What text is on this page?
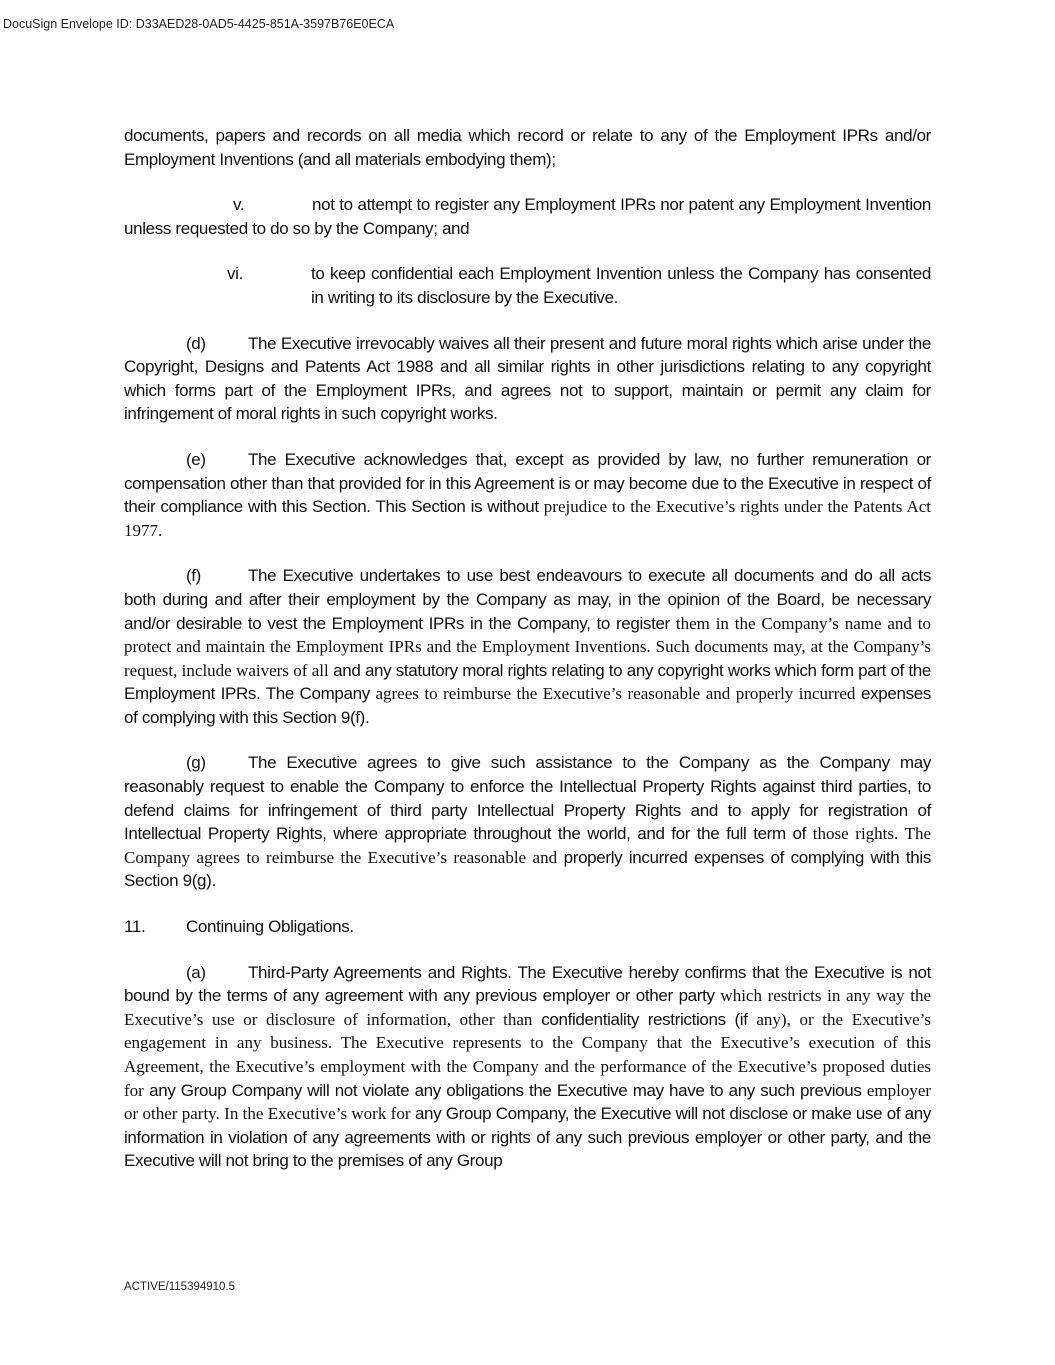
DocuSign Envelope ID: D33AED28-0AD5-4425-851A-3597B76E0ECA

documents, papers and records on all media which record or relate to any of the Employment IPRs and/or Employment Inventions (and all materials embodying them);

v.	not to attempt to register any Employment IPRs nor patent any Employment Invention unless requested to do so by the Company; and

vi.	to keep confidential each Employment Invention unless the Company has consented in writing to its disclosure by the Executive.

(d) The Executive irrevocably waives all their present and future moral rights which arise under the Copyright, Designs and Patents Act 1988 and all similar rights in other jurisdictions relating to any copyright which forms part of the Employment IPRs, and agrees not to support, maintain or permit any claim for infringement of moral rights in such copyright works.

(e) The Executive acknowledges that, except as provided by law, no further remuneration or compensation other than that provided for in this Agreement is or may become due to the Executive in respect of their compliance with this Section. This Section is without prejudice to the Executive’s rights under the Patents Act 1977.

(f)	The Executive undertakes to use best endeavours to execute all documents and do all acts both during and after their employment by the Company as may, in the opinion of the Board, be necessary and/or desirable to vest the Employment IPRs in the Company, to register them in the Company’s name and to protect and maintain the Employment IPRs and the Employment Inventions. Such documents may, at the Company’s request, include waivers of all and any statutory moral rights relating to any copyright works which form part of the Employment IPRs. The Company agrees to reimburse the Executive’s reasonable and properly incurred expenses of complying with this Section 9(f).

(g) The Executive agrees to give such assistance to the Company as the Company may reasonably request to enable the Company to enforce the Intellectual Property Rights against third parties, to defend claims for infringement of third party Intellectual Property Rights and to apply for registration of Intellectual Property Rights, where appropriate throughout the world, and for the full term of those rights. The Company agrees to reimburse the Executive’s reasonable and properly incurred expenses of complying with this Section 9(g).

11. Continuing Obligations.

(a) Third-Party Agreements and Rights. The Executive hereby confirms that the Executive is not bound by the terms of any agreement with any previous employer or other party which restricts in any way the Executive’s use or disclosure of information, other than confidentiality restrictions (if any), or the Executive’s engagement in any business. The Executive represents to the Company that the Executive’s execution of this Agreement, the Executive’s employment with the Company and the performance of the Executive’s proposed duties for any Group Company will not violate any obligations the Executive may have to any such previous employer or other party. In the Executive’s work for any Group Company, the Executive will not disclose or make use of any information in violation of any agreements with or rights of any such previous employer or other party, and the Executive will not bring to the premises of any Group

ACTIVE/115394910.5
